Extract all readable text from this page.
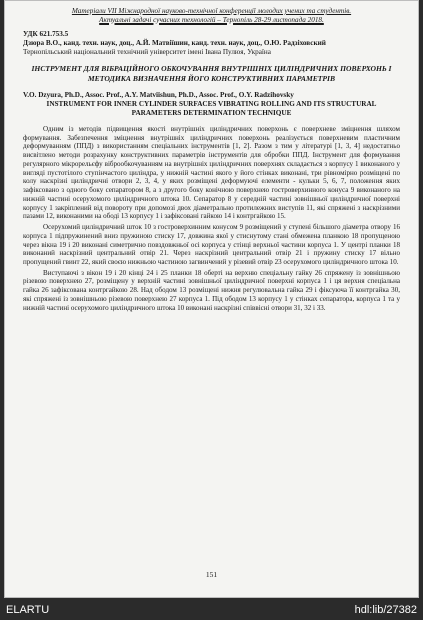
Матеріали VII Міжнародної науково-технічної конференції молодих учених та студентів.
Актуальні задачі сучасних технологій – Тернопіль 28-29 листопада 2018.
УДК 621.753.5
Дзюра В.О., канд. техн. наук, доц., А.Й. Матвіїшин, канд. техн. наук, доц., О.Ю. Радзіховский
Тернопільський національний технічний університет імені Івана Пулюя, Україна
ІНСТРУМЕНТ ДЛЯ ВІБРАЦІЙНОГО ОБКОЧУВАННЯ ВНУТРІШНІХ ЦИЛІНДРИЧНИХ ПОВЕРХОНЬ І МЕТОДИКА ВИЗНАЧЕННЯ ЙОГО КОНСТРУКТИВНИХ ПАРАМЕТРІВ
V.O. Dzyura, Ph.D., Assoc. Prof., A.Y. Matviishun, Ph.D., Assoc. Prof., O.Y. Radzihovsky
INSTRUMENT FOR INNER CYLINDER SURFACES VIBRATING ROLLING AND ITS STRUCTURAL PARAMETERS DETERMINATION TECHNIQUE

Одним із методів підвищення якості внутрішніх циліндричних поверхонь є поверхневе зміцнення шляхом формування. Забезпечення зміцнення внутрішніх циліндричних поверхонь реалізується поверхневим пластичним деформуванням (ППД) з використанням спеціальних інструментів [1, 2]. Разом з тим у літературі [1, 3, 4] недостатньо висвітлено методи розрахунку конструктивних параметрів інструментів для обробки ППД. Інструмент для формування регулярного мікрорельєфу віброобкочуванням на внутрішніх циліндричних поверхнях складається з корпусу 1 виконаного у вигляді пустотілого ступінчастого циліндра, у нижній частині якого у його стінках виконані, три рівномірно розміщені по колу наскрізні циліндричні отвори 2, 3, 4, у яких розміщені деформуючі елементи - кульки 5, 6, 7, положення яких зафіксовано з одного боку сепаратором 8, а з другого боку конічною поверхнею гостроверхинного конуса 9 виконаного на нижній частині осерухомого циліндричного штока 10. Сепаратор 8 у середній частині зовнішньої циліндричної поверхні корпусу 1 закріплений від повороту при допомозі двох діаметрально протилежних виступів 11, які спряжені з наскрізними пазами 12, виконаними на ободі 13 корпусу 1 і зафіксовані гайкою 14 і контргайкою 15.

Осерухомий циліндричний шток 10 з гостроверхинним конусом 9 розміщений у ступені більшого діаметра отвору 16 корпуса 1 підпружинений вниз пружиною стиску 17, довжина якої у стиснутому стані обмежена планкою 18 пропущеною через вікна 19 і 20 виконані симетрично повздовжньої осі корпуса у стінці верхньої частини корпуса 1. У центрі планки 18 виконаний наскрізний центральний отвір 21. Через наскрізний центральний отвір 21 і пружину стиску 17 вільно пропущений гвинт 22, який своєю нижньою частиною загвинчений у різевий отвір 23 осерухомого циліндричного штока 10.

Виступаючі з вікон 19 і 20 кінці 24 і 25 планки 18 оберті на верхню спеціальну гайку 26 спряжену із зовнішньою різевою поверхнею 27, розміщену у верхній частині зовнішньої циліндричної поверхні корпуса 1 і ця верхня спеціальна гайка 26 зафіксована контргайкою 28. Над ободом 13 розміщені нижня регулювальна гайка 29 і фіксуюча її контргайка 30, які спряжені із зовнішньою різевою поверхнею 27 корпуса 1. Під ободом 13 корпусу 1 у стінках сепаратора, корпуса 1 та у нижній частині осерухомого циліндричного штока 10 виконані наскрізні співвісні отвори 31, 32 і 33.

151
ELARTU	hdl:lib/27382
